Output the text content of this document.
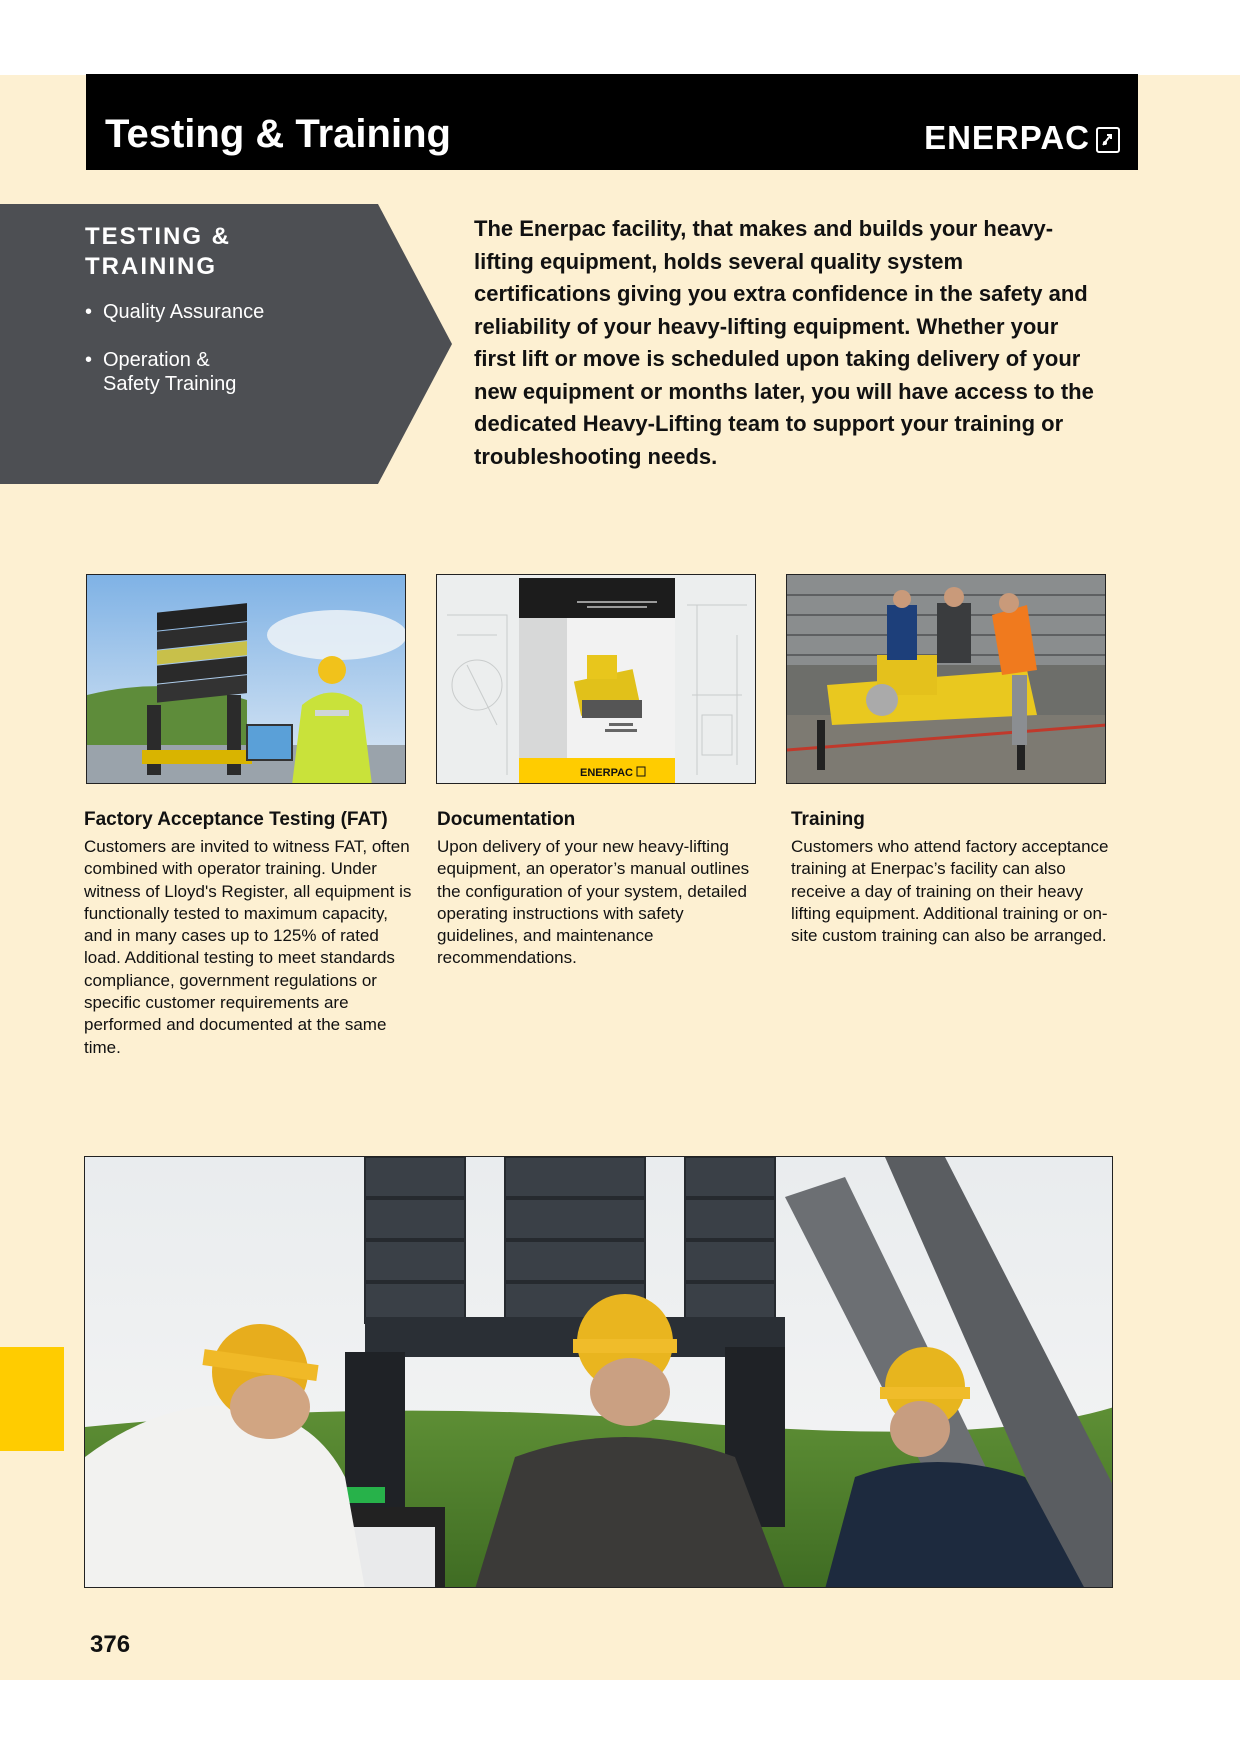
Testing & Training	ENERPAC
TESTING & TRAINING
• Quality Assurance
• Operation & Safety Training
The Enerpac facility, that makes and builds your heavy-lifting equipment, holds several quality system certifications giving you extra confidence in the safety and reliability of your heavy-lifting equipment. Whether your first lift or move is scheduled upon taking delivery of your new equipment or months later, you will have access to the dedicated Heavy-Lifting team to support your training or troubleshooting needs.
ENERPAC
Factory Acceptance Testing (FAT)
Customers are invited to witness FAT, often combined with operator training. Under witness of Lloyd's Register, all equipment is functionally tested to maximum capacity, and in many cases up to 125% of rated load. Additional testing to meet standards compliance, government regulations or specific customer requirements are performed and documented at the same time.
Documentation
Upon delivery of your new heavy-lifting equipment, an operator’s manual outlines the configuration of your system, detailed operating instructions with safety guidelines, and maintenance recommendations.
Training
Customers who attend factory acceptance training at Enerpac’s facility can also receive a day of training on their heavy lifting equipment. Additional training or on-site custom training can also be arranged.
376
